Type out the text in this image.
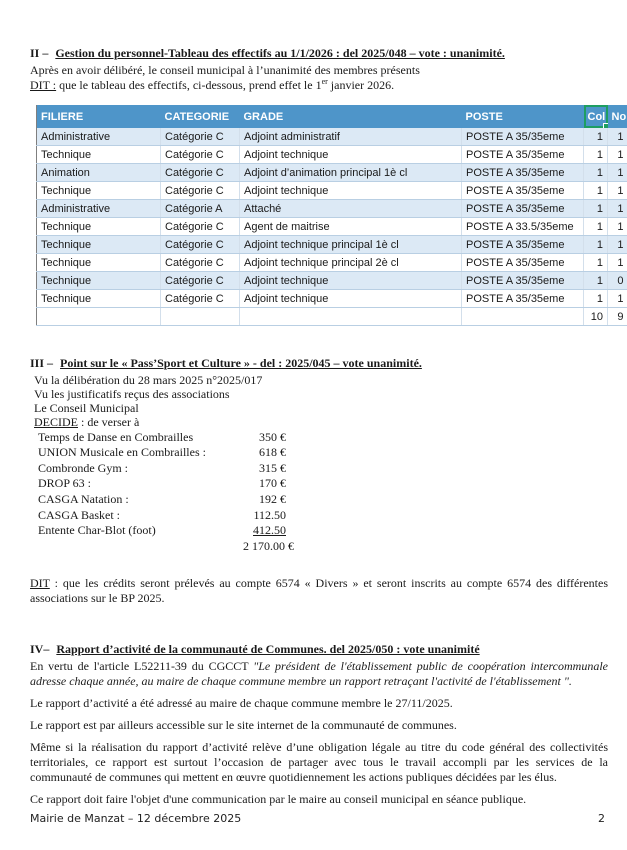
II – Gestion du personnel-Tableau des effectifs au 1/1/2026 : del 2025/048 – vote : unanimité.

Après en avoir délibéré, le conseil municipal à l’unanimité des membres présents

DIT : que le tableau des effectifs, ci-dessous, prend effet le 1er janvier 2026.

FILIERE	CATEGORIE	GRADE	POSTE	Col	No
Administrative	Catégorie C	Adjoint administratif	POSTE A 35/35eme	1	1
Technique	Catégorie C	Adjoint technique	POSTE A 35/35eme	1	1
Animation	Catégorie C	Adjoint d’animation principal 1è cl	POSTE A 35/35eme	1	1
Technique	Catégorie C	Adjoint technique	POSTE A 35/35eme	1	1
Administrative	Catégorie A	Attaché	POSTE A 35/35eme	1	1
Technique	Catégorie C	Agent de maitrise	POSTE A 33.5/35eme	1	1
Technique	Catégorie C	Adjoint technique principal 1è cl	POSTE A 35/35eme	1	1
Technique	Catégorie C	Adjoint technique principal 2è cl	POSTE A 35/35eme	1	1
Technique	Catégorie C	Adjoint technique	POSTE A 35/35eme	1	0
Technique	Catégorie C	Adjoint technique	POSTE A 35/35eme	1	1
				10	9

III – Point sur le « Pass’Sport et Culture » - del : 2025/045 – vote unanimité.

Vu la délibération du 28 mars 2025 n°2025/017

Vu les justificatifs reçus des associations

Le Conseil Municipal

DECIDE : de verser à

Temps de Danse en Combrailles	350 €
UNION Musicale en Combrailles :	618 €
Combronde Gym :	315 €
DROP 63 :	170 €
CASGA Natation :	192 €
CASGA Basket :	112.50
Entente Char-Blot (foot)	412.50
2 170.00 €

DIT : que les crédits seront prélevés au compte 6574 « Divers » et seront inscrits au compte 6574 des différentes associations sur le BP 2025.

IV– Rapport d’activité de la communauté de Communes. del 2025/050 : vote unanimité

En vertu de l'article L52211-39 du CGCCT "Le président de l'établissement public de coopération intercommunale adresse chaque année, au maire de chaque commune membre un rapport retraçant l'activité de l'établissement ".

Le rapport d’activité a été adressé au maire de chaque commune membre le 27/11/2025.

Le rapport est par ailleurs accessible sur le site internet de la communauté de communes.

Même si la réalisation du rapport d’activité relève d’une obligation légale au titre du code général des collectivités territoriales, ce rapport est surtout l’occasion de partager avec tous le travail accompli par les services de la communauté de communes qui mettent en œuvre quotidiennement les actions publiques décidées par les élus.

Ce rapport doit faire l'objet d'une communication par le maire au conseil municipal en séance publique.

Mairie de Manzat – 12 décembre 2025	2
